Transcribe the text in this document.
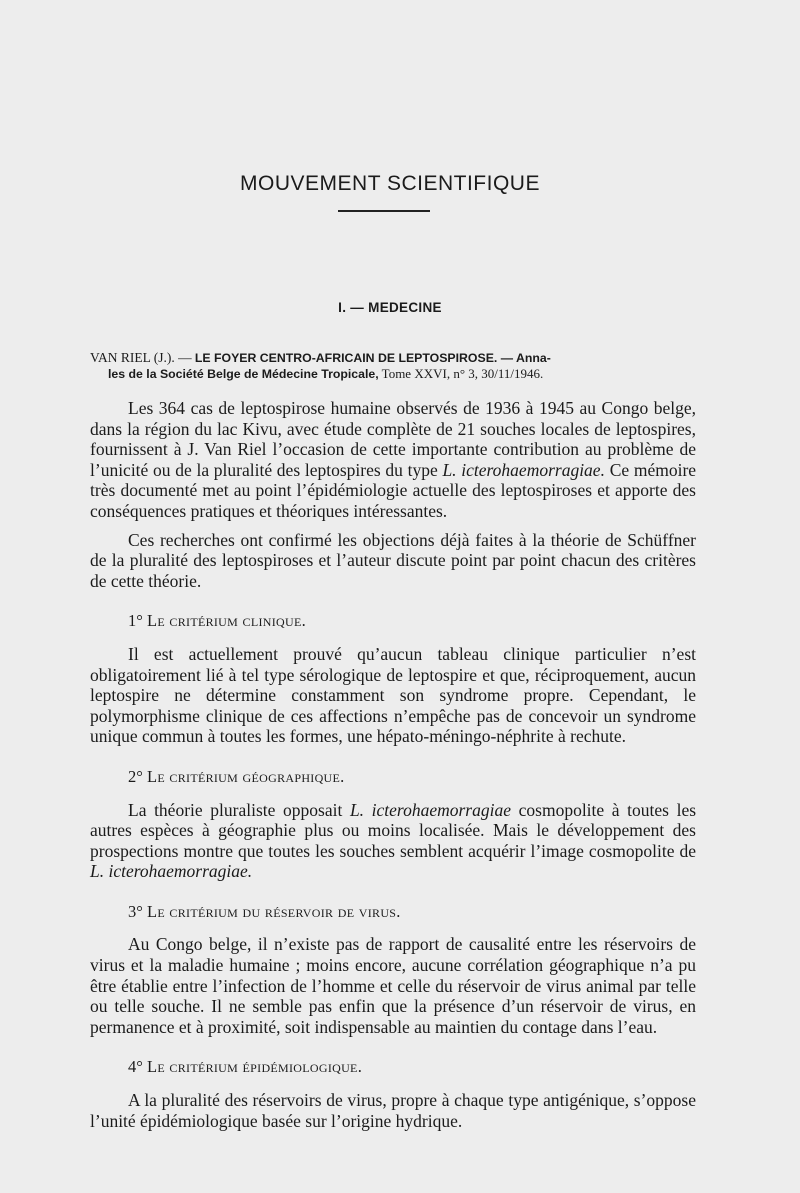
MOUVEMENT SCIENTIFIQUE
I. — MEDECINE
VAN RIEL (J.). — LE FOYER CENTRO-AFRICAIN DE LEPTOSPIROSE. — Anna-
les de la Société Belge de Médecine Tropicale, Tome XXVI, n° 3, 30/11/1946.

Les 364 cas de leptospirose humaine observés de 1936 à 1945 au Congo belge, dans la région du lac Kivu, avec étude complète de 21 souches locales de leptospires, fournissent à J. Van Riel l’occasion de cette importante contribution au problème de l’unicité ou de la pluralité des leptospires du type L. icterohaemorragiae. Ce mémoire très documenté met au point l’épidémiologie actuelle des leptospiroses et apporte des conséquences pratiques et théoriques intéressantes.

Ces recherches ont confirmé les objections déjà faites à la théorie de Schüffner de la pluralité des leptospiroses et l’auteur discute point par point chacun des critères de cette théorie.

1° Le critérium clinique.

Il est actuellement prouvé qu’aucun tableau clinique particulier n’est obligatoirement lié à tel type sérologique de leptospire et que, réciproquement, aucun leptospire ne détermine constamment son syndrome propre. Cependant, le polymorphisme clinique de ces affections n’empêche pas de concevoir un syndrome unique commun à toutes les formes, une hépato-méningo-néphrite à rechute.

2° Le critérium géographique.

La théorie pluraliste opposait L. icterohaemorragiae cosmopolite à toutes les autres espèces à géographie plus ou moins localisée. Mais le développement des prospections montre que toutes les souches semblent acquérir l’image cosmopolite de L. icterohaemorragiae.

3° Le critérium du réservoir de virus.

Au Congo belge, il n’existe pas de rapport de causalité entre les réservoirs de virus et la maladie humaine ; moins encore, aucune corrélation géographique n’a pu être établie entre l’infection de l’homme et celle du réservoir de virus animal par telle ou telle souche. Il ne semble pas enfin que la présence d’un réservoir de virus, en permanence et à proximité, soit indispensable au maintien du contage dans l’eau.

4° Le critérium épidémiologique.

A la pluralité des réservoirs de virus, propre à chaque type antigénique, s’oppose l’unité épidémiologique basée sur l’origine hydrique.
